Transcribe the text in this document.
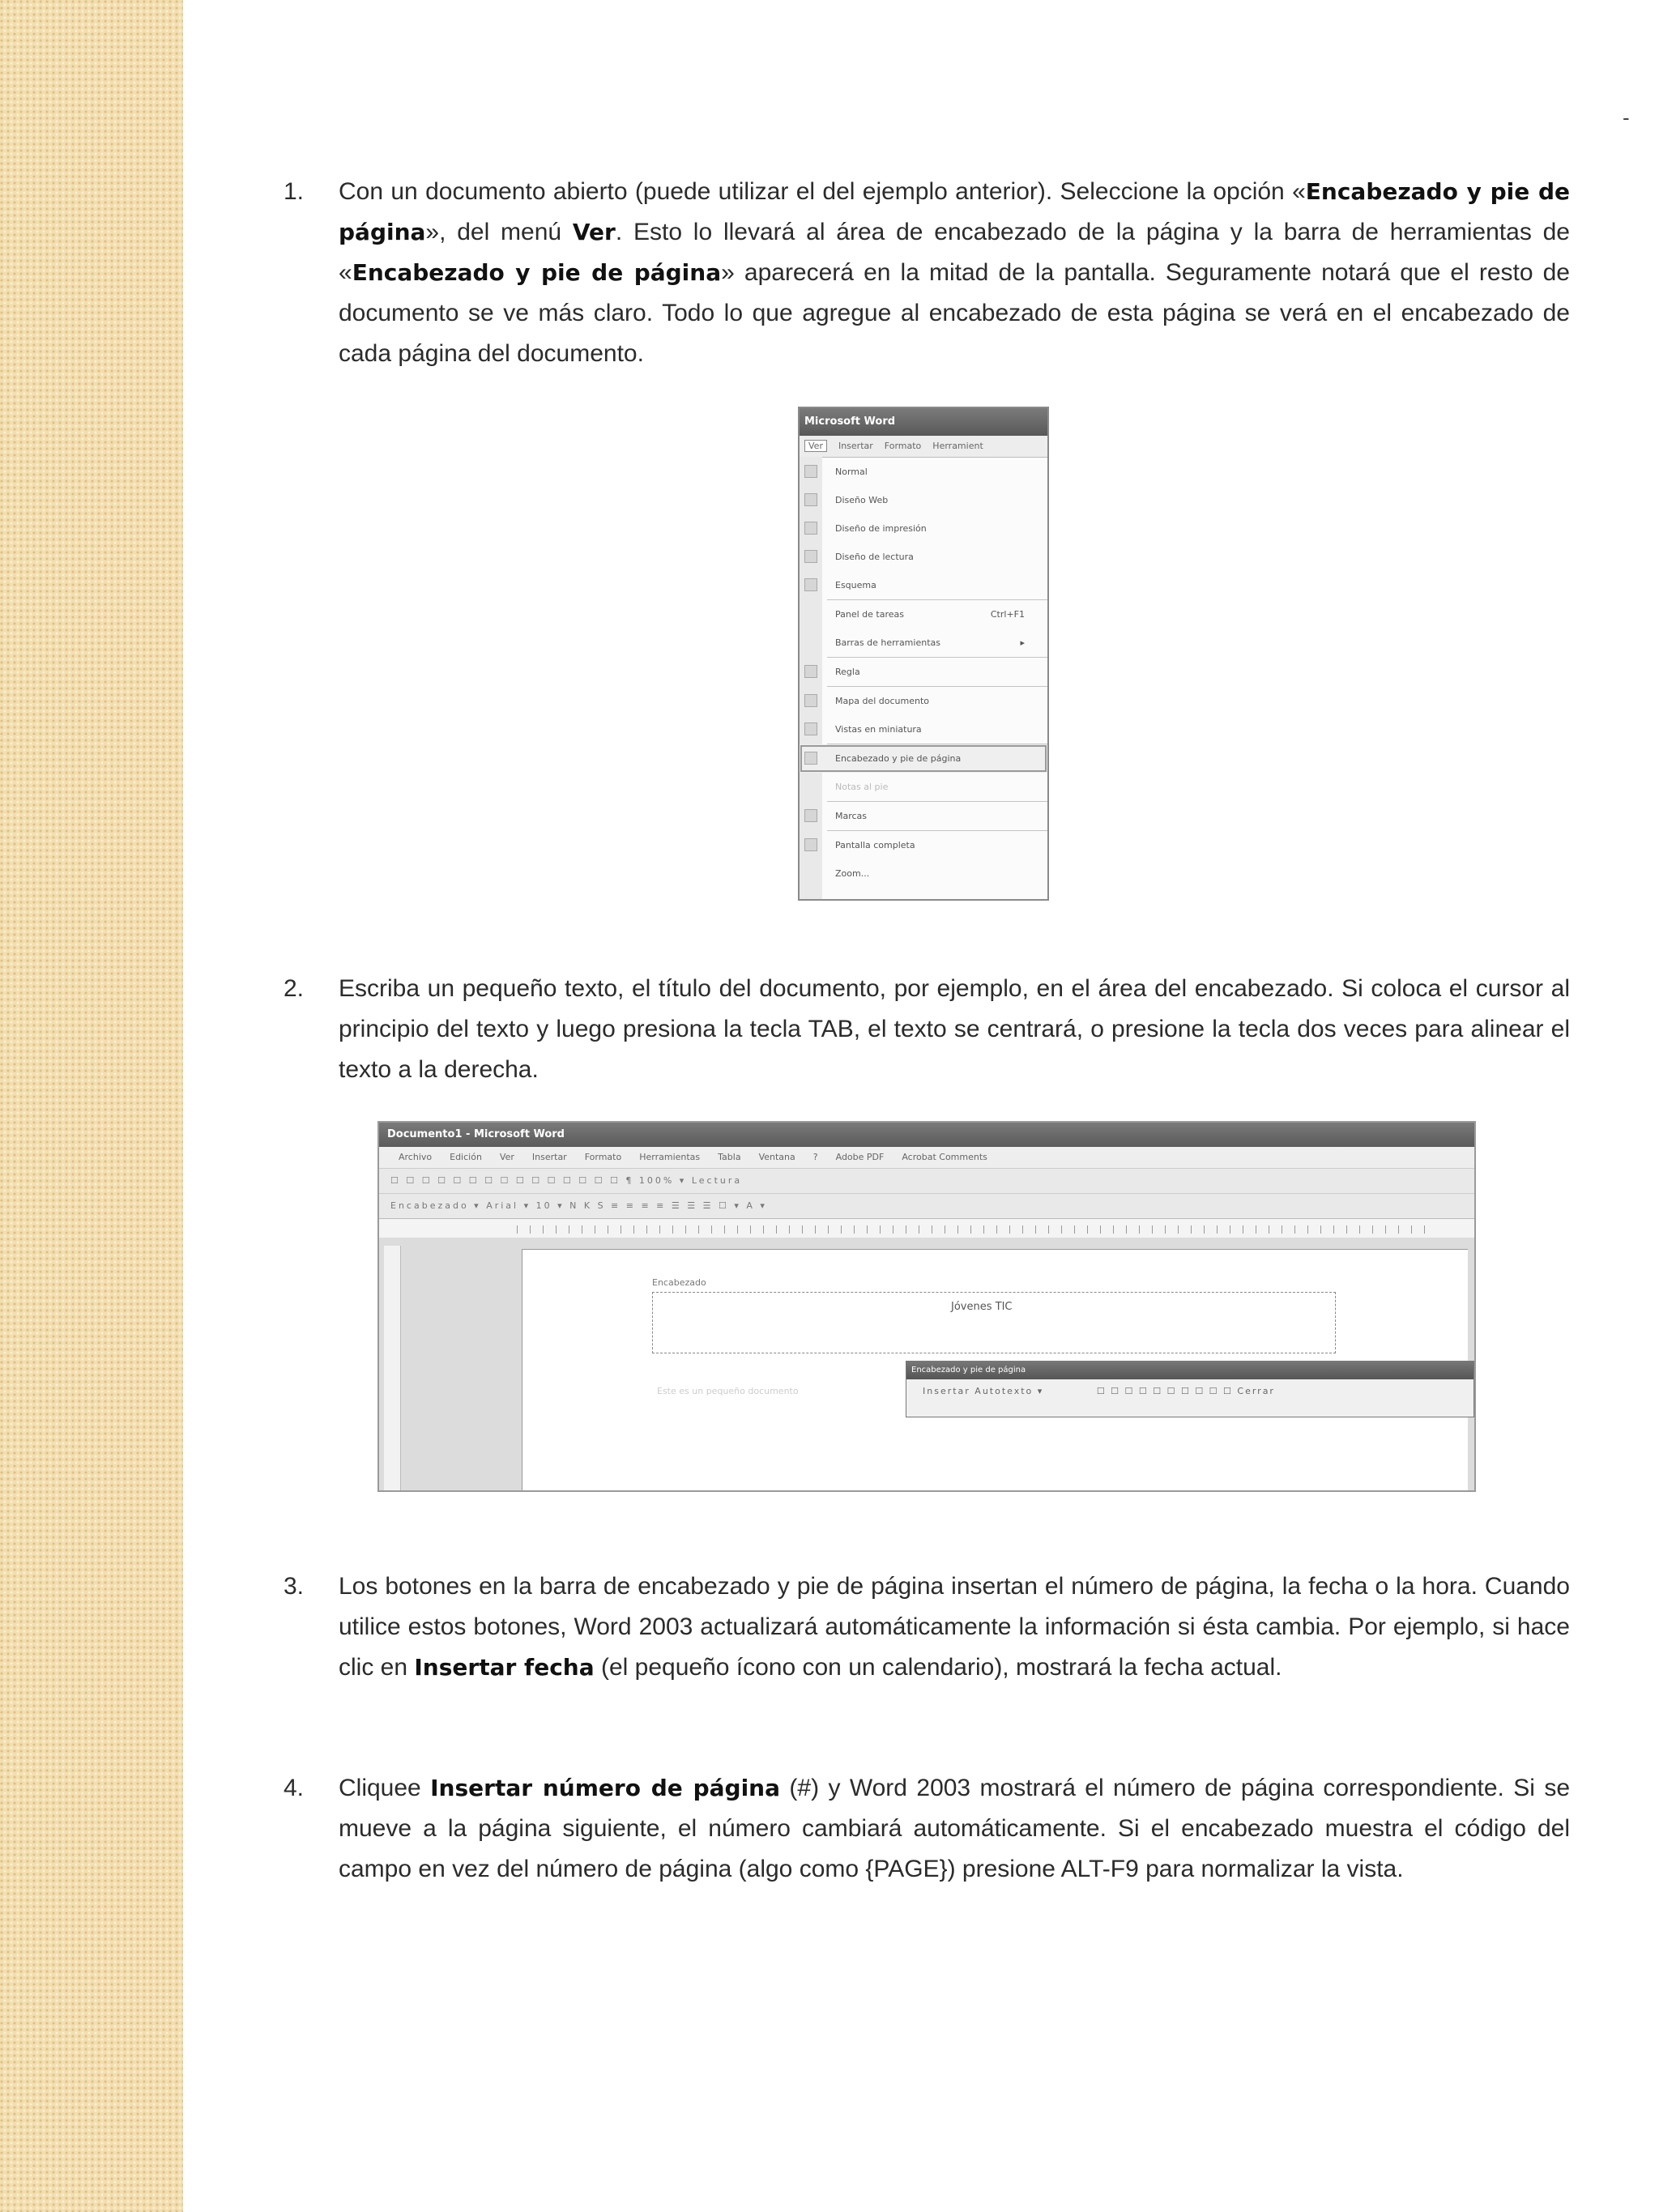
-
1. Con un documento abierto (puede utilizar el del ejemplo anterior). Seleccione la opción «Encabezado y pie de página», del menú Ver. Esto lo llevará al área de encabezado de la página y la barra de herramientas de «Encabezado y pie de página» aparecerá en la mitad de la pantalla. Seguramente notará que el resto de documento se ve más claro. Todo lo que agregue al encabezado de esta página se verá en el encabezado de cada página del documento.
Microsoft Word
Ver Insertar Formato Herramient
Normal
Diseño Web
Diseño de impresión
Diseño de lectura
Esquema
Panel de tareas	Ctrl+F1
Barras de herramientas	▸
Regla
Mapa del documento
Vistas en miniatura
Encabezado y pie de página
Notas al pie
Marcas
Pantalla completa
Zoom...
2. Escriba un pequeño texto, el título del documento, por ejemplo, en el área del encabezado. Si coloca el cursor al principio del texto y luego presiona la tecla TAB, el texto se centrará, o presione la tecla dos veces para alinear el texto a la derecha.
Documento1 - Microsoft Word
Archivo Edición Ver Insertar Formato Herramientas Tabla Ventana ? Adobe PDF Acrobat Comments
☐ ☐ ☐ ☐ ☐ ☐ ☐ ☐ ☐ ☐ ☐ ☐ ☐ ☐ ☐ ¶ 100% ▾ Lectura
Encabezado ▾ Arial ▾ 10 ▾ N K S ≡ ≡ ≡ ≡ ☰ ☰ ☰ ☐ ▾ A ▾
Encabezado
Jóvenes TIC
Este es un pequeño documento
Encabezado y pie de página
Insertar Autotexto ▾	☐ ☐ ☐ ☐ ☐ ☐ ☐ ☐ ☐ ☐ Cerrar
3. Los botones en la barra de encabezado y pie de página insertan el número de página, la fecha o la hora. Cuando utilice estos botones, Word 2003 actualizará automáticamente la información si ésta cambia. Por ejemplo, si hace clic en Insertar fecha (el pequeño ícono con un calendario), mostrará la fecha actual.
4. Cliquee Insertar número de página (#) y Word 2003 mostrará el número de página correspondiente. Si se mueve a la página siguiente, el número cambiará automáticamente. Si el encabezado muestra el código del campo en vez del número de página (algo como {PAGE}) presione ALT-F9 para normalizar la vista.
